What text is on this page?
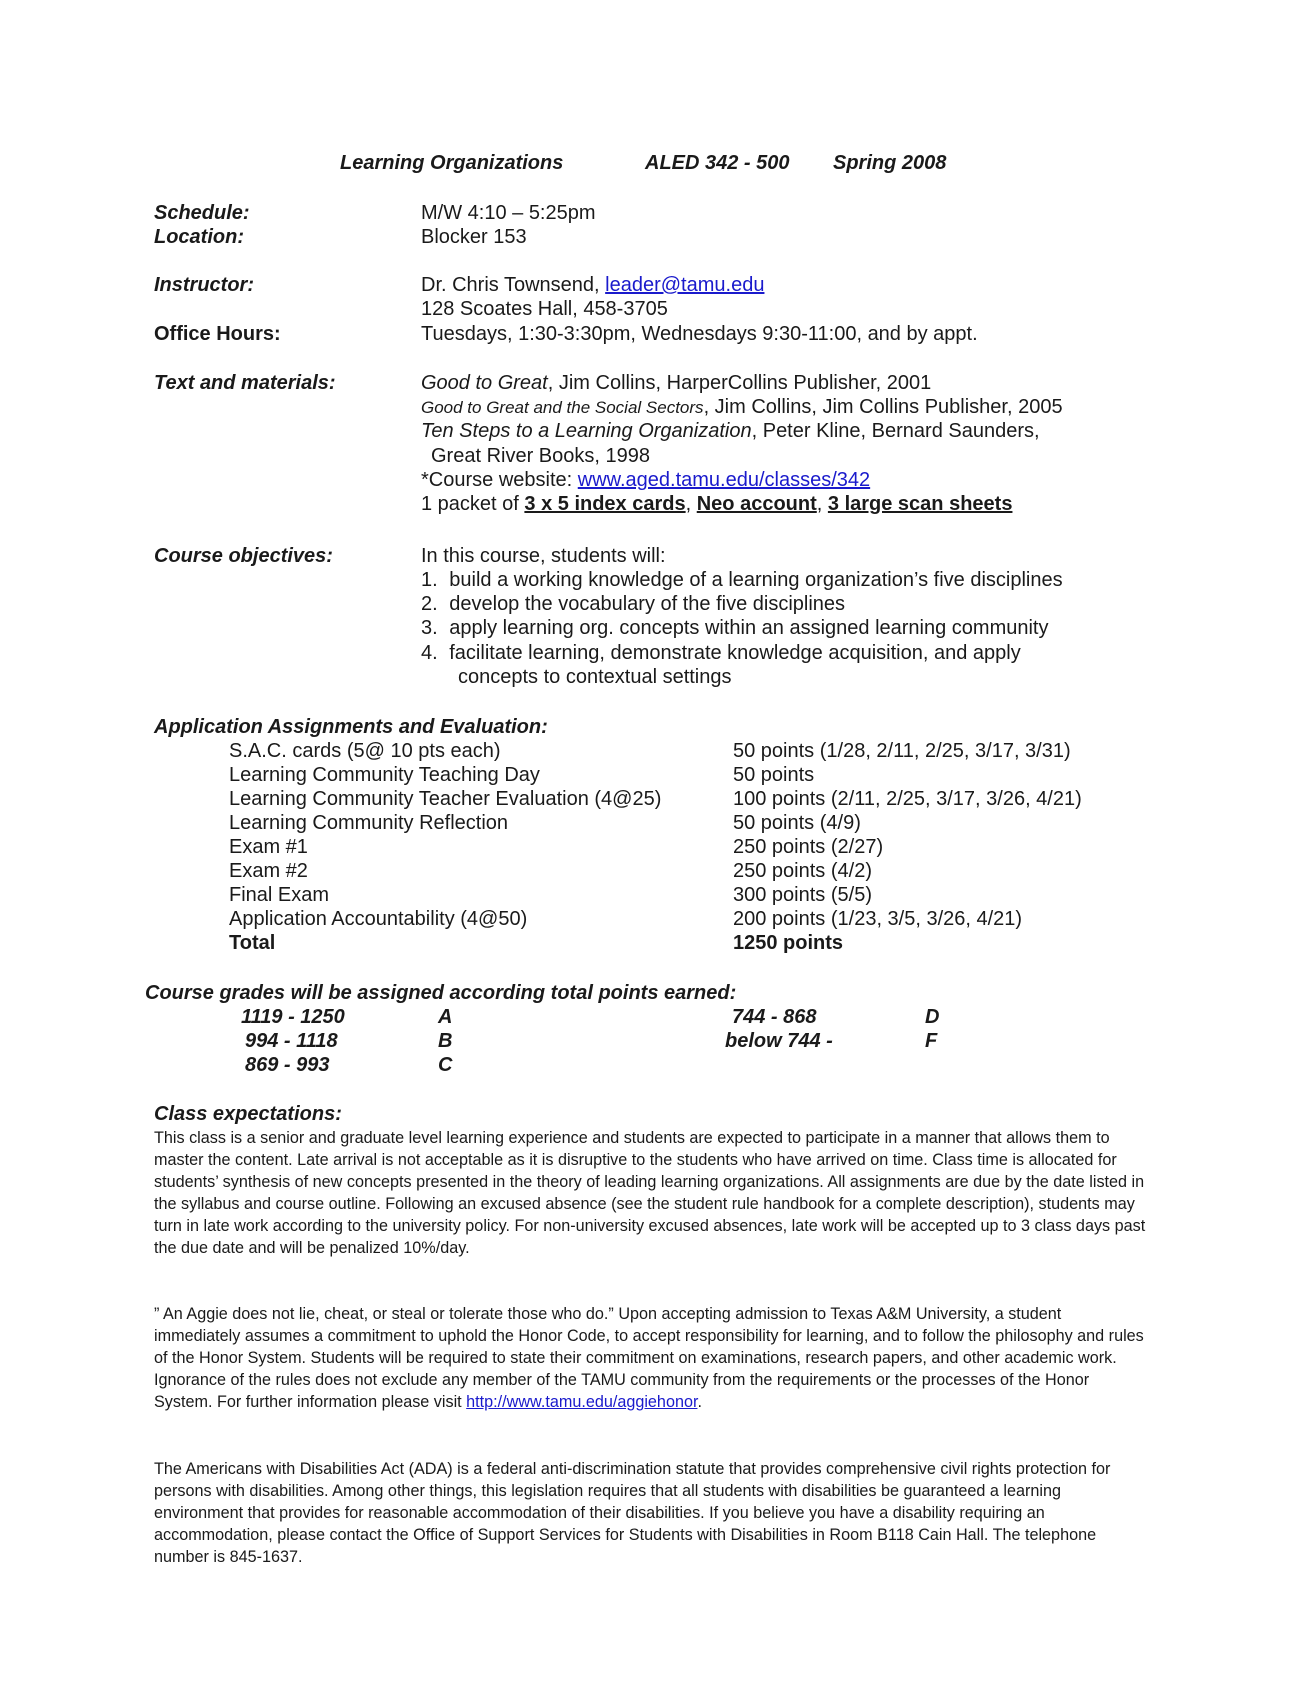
Learning Organizations	ALED 342 - 500 Spring 2008
Schedule:	M/W 4:10 – 5:25pm
Location:	Blocker 153
Instructor:	Dr. Chris Townsend, leader@tamu.edu
128 Scoates Hall, 458-3705
Office Hours:	Tuesdays, 1:30-3:30pm, Wednesdays 9:30-11:00, and by appt.
Text and materials:	Good to Great, Jim Collins, HarperCollins Publisher, 2001
Good to Great and the Social Sectors, Jim Collins, Jim Collins Publisher, 2005
Ten Steps to a Learning Organization, Peter Kline, Bernard Saunders,
Great River Books, 1998
*Course website: www.aged.tamu.edu/classes/342
1 packet of 3 x 5 index cards, Neo account, 3 large scan sheets
Course objectives:	In this course, students will:
1. build a working knowledge of a learning organization’s five disciplines
2. develop the vocabulary of the five disciplines
3. apply learning org. concepts within an assigned learning community
4. facilitate learning, demonstrate knowledge acquisition, and apply
concepts to contextual settings
Application Assignments and Evaluation:
S.A.C. cards (5@ 10 pts each)	50 points (1/28, 2/11, 2/25, 3/17, 3/31)
Learning Community Teaching Day	50 points
Learning Community Teacher Evaluation (4@25)	100 points (2/11, 2/25, 3/17, 3/26, 4/21)
Learning Community Reflection	50 points (4/9)
Exam #1	250 points (2/27)
Exam #2	250 points (4/2)
Final Exam	300 points (5/5)
Application Accountability (4@50)	200 points (1/23, 3/5, 3/26, 4/21)
Total	1250 points
Course grades will be assigned according total points earned:
1119 - 1250	A
994 - 1118	B
869 - 993	C
744 - 868	D
below 744 -	F
Class expectations:
This class is a senior and graduate level learning experience and students are expected to participate in a manner that allows them to master the content. Late arrival is not acceptable as it is disruptive to the students who have arrived on time. Class time is allocated for students’ synthesis of new concepts presented in the theory of leading learning organizations. All assignments are due by the date listed in the syllabus and course outline. Following an excused absence (see the student rule handbook for a complete description), students may turn in late work according to the university policy. For non-university excused absences, late work will be accepted up to 3 class days past the due date and will be penalized 10%/day.
” An Aggie does not lie, cheat, or steal or tolerate those who do.” Upon accepting admission to Texas A&M University, a student immediately assumes a commitment to uphold the Honor Code, to accept responsibility for learning, and to follow the philosophy and rules of the Honor System. Students will be required to state their commitment on examinations, research papers, and other academic work. Ignorance of the rules does not exclude any member of the TAMU community from the requirements or the processes of the Honor System. For further information please visit http://www.tamu.edu/aggiehonor.
The Americans with Disabilities Act (ADA) is a federal anti-discrimination statute that provides comprehensive civil rights protection for persons with disabilities. Among other things, this legislation requires that all students with disabilities be guaranteed a learning environment that provides for reasonable accommodation of their disabilities. If you believe you have a disability requiring an accommodation, please contact the Office of Support Services for Students with Disabilities in Room B118 Cain Hall. The telephone number is 845-1637.
